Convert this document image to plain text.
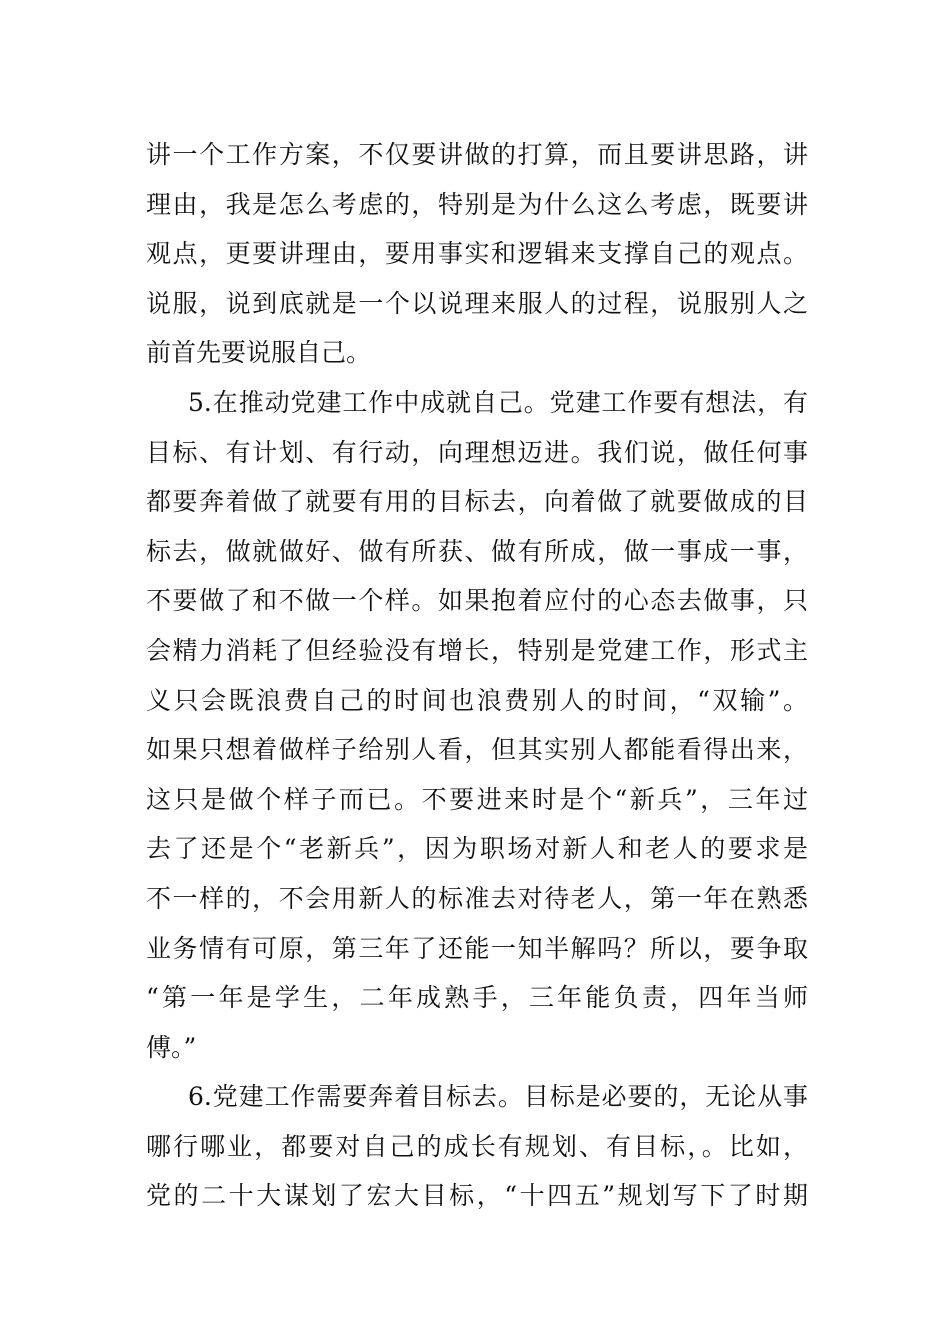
讲一个工作方案，不仅要讲做的打算，而且要讲思路，讲
理由，我是怎么考虑的，特别是为什么这么考虑，既要讲
观点，更要讲理由，要用事实和逻辑来支撑自己的观点。
说服，说到底就是一个以说理来服人的过程，说服别人之
前首先要说服自己。
5.在推动党建工作中成就自己。党建工作要有想法，有
目标、有计划、有行动，向理想迈进。我们说，做任何事
都要奔着做了就要有用的目标去，向着做了就要做成的目
标去，做就做好、做有所获、做有所成，做一事成一事，
不要做了和不做一个样。如果抱着应付的心态去做事，只
会精力消耗了但经验没有增长，特别是党建工作，形式主
义只会既浪费自己的时间也浪费别人的时间，“双输”。
如果只想着做样子给别人看，但其实别人都能看得出来，
这只是做个样子而已。不要进来时是个“新兵”，三年过
去了还是个“老新兵”，因为职场对新人和老人的要求是
不一样的，不会用新人的标准去对待老人，第一年在熟悉
业务情有可原，第三年了还能一知半解吗？所以，要争取
“第一年是学生，二年成熟手，三年能负责，四年当师
傅。”
6.党建工作需要奔着目标去。目标是必要的，无论从事
哪行哪业，都要对自己的成长有规划、有目标，。比如，
党的二十大谋划了宏大目标，“十四五”规划写下了时期
